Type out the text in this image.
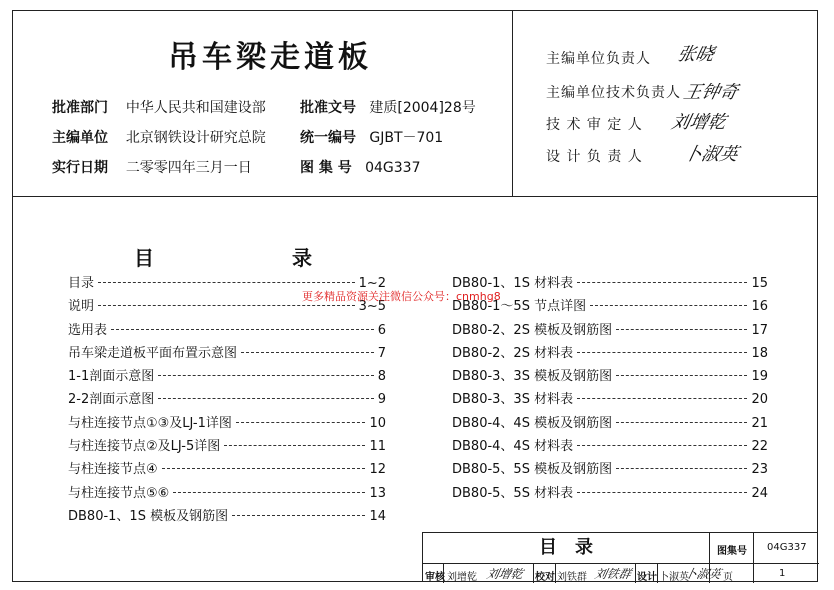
吊车梁走道板
批准部门 中华人民共和国建设部
主编单位 北京钢铁设计研究总院
实行日期 二零零四年三月一日
批准文号 建质[2004]28号
统一编号 GJBT－701
图 集 号 04G337
主编单位负责人 张晓
主编单位技术负责人 王钟奇
技 术 审 定 人 刘增乾
设 计 负 责 人 卜淑英
目	录
目录	1~2
说明	3~5
选用表	6
吊车梁走道板平面布置示意图	7
1-1剖面示意图	8
2-2剖面示意图	9
与柱连接节点①③及LJ-1详图	10
与柱连接节点②及LJ-5详图	11
与柱连接节点④	12
与柱连接节点⑤⑥	13
DB80-1、1S 模板及钢筋图	14
DB80-1、1S 材料表	15
DB80-1～5S 节点详图	16
DB80-2、2S 模板及钢筋图	17
DB80-2、2S 材料表	18
DB80-3、3S 模板及钢筋图	19
DB80-3、3S 材料表	20
DB80-4、4S 模板及钢筋图	21
DB80-4、4S 材料表	22
DB80-5、5S 模板及钢筋图	23
DB80-5、5S 材料表	24
更多精品资源关注微信公众号：cnmhg8
目　录	图集号 04G337
审核 刘增乾 刘增乾 校对 刘铁群 刘铁群 设计 卜淑英
卜淑英 页	1
